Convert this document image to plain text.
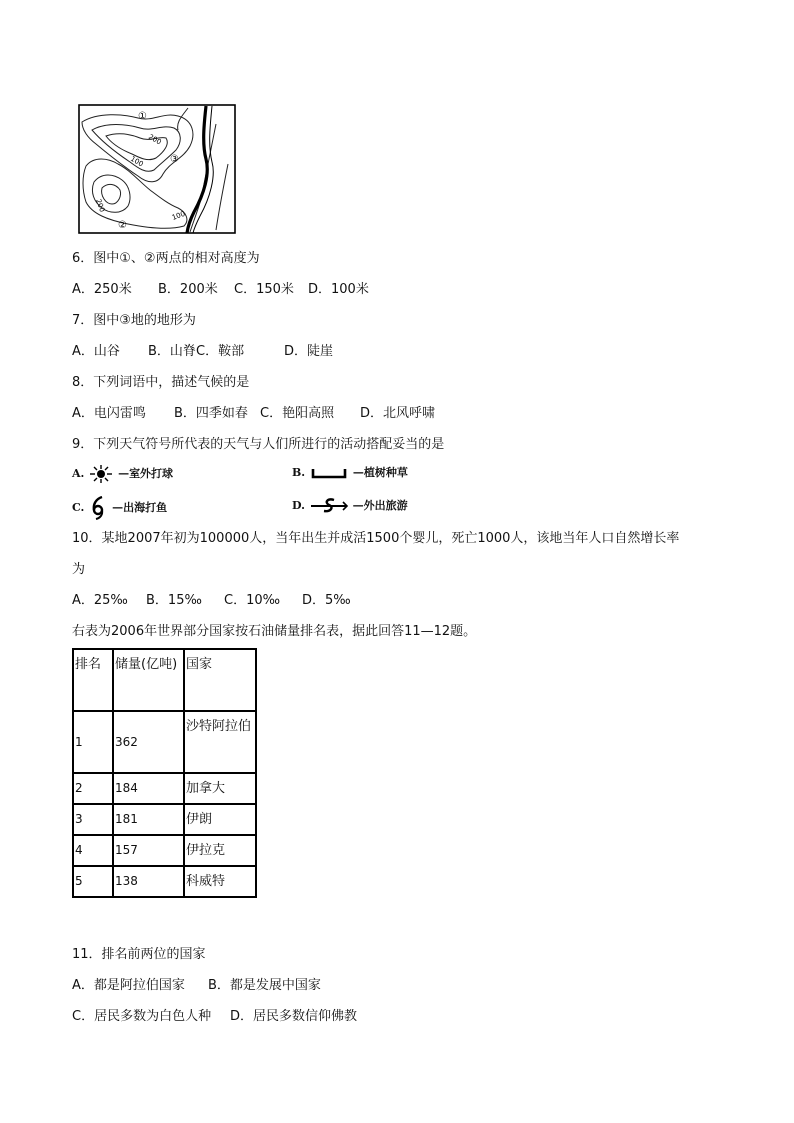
①
②
③
200
100
200
100
6．图中①、②两点的相对高度为
A．250米 B．200米 C．150米 D．100米
7．图中③地的地形为
A．山谷 B．山脊C．鞍部	D．陡崖
8．下列词语中，描述气候的是
A．电闪雷鸣 B．四季如春 C．艳阳高照 D．北风呼啸
9．下列天气符号所代表的天气与人们所进行的活动搭配妥当的是
A.	—室外打球	B.	—植树种草
C.	—出海打鱼	D.	—外出旅游
10．某地2007年初为100000人，当年出生并成活1500个婴儿，死亡1000人，该地当年人口自然增长率
为
A．25‰ B．15‰ C．10‰ D．5‰
右表为2006年世界部分国家按石油储量排名表，据此回答11—12题。
排名	储量(亿吨)	国家
1	362	沙特阿拉伯
2	184	加拿大
3	181	伊朗
4	157	伊拉克
5	138	科威特
11．排名前两位的国家
A．都是阿拉伯国家 B．都是发展中国家
C．居民多数为白色人种 D．居民多数信仰佛教
